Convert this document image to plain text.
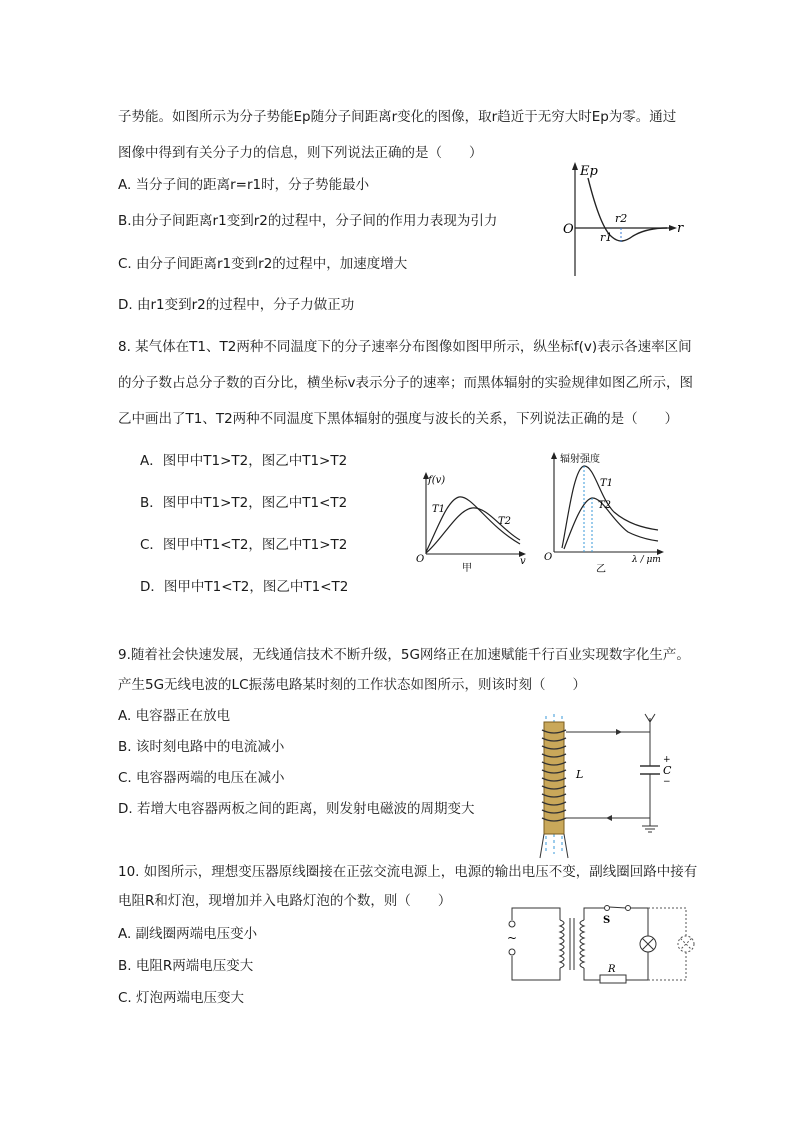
子势能。如图所示为分子势能Ep随分子间距离r变化的图像，取r趋近于无穷大时Ep为零。通过
图像中得到有关分子力的信息，则下列说法正确的是（　　）
A. 当分子间的距离r=r1时，分子势能最小
B.由分子间距离r1变到r2的过程中，分子间的作用力表现为引力
C. 由分子间距离r1变到r2的过程中，加速度增大
D. 由r1变到r2的过程中，分子力做正功
Ep
O	r
r2
r1
8. 某气体在T1、T2两种不同温度下的分子速率分布图像如图甲所示，纵坐标f(v)表示各速率区间
的分子数占总分子数的百分比，横坐标v表示分子的速率；而黑体辐射的实验规律如图乙所示，图
乙中画出了T1、T2两种不同温度下黑体辐射的强度与波长的关系，下列说法正确的是（　　）
A．图甲中T1>T2，图乙中T1>T2
B．图甲中T1>T2，图乙中T1<T2
C．图甲中T1<T2，图乙中T1>T2
D．图甲中T1<T2，图乙中T1<T2
f(v)
O	v
T1
T2
甲
辐射强度
O	λ / μm
T1
T2
乙
9.随着社会快速发展，无线通信技术不断升级，5G网络正在加速赋能千行百业实现数字化生产。
产生5G无线电波的LC振荡电路某时刻的工作状态如图所示，则该时刻（　　）
A. 电容器正在放电
B. 该时刻电路中的电流减小
C. 电容器两端的电压在减小
D. 若增大电容器两板之间的距离，则发射电磁波的周期变大
L
+
C
−
10. 如图所示，理想变压器原线圈接在正弦交流电源上，电源的输出电压不变，副线圈回路中接有
电阻R和灯泡，现增加并入电路灯泡的个数，则（　　）
A. 副线圈两端电压变小
B. 电阻R两端电压变大
C. 灯泡两端电压变大
~
S
R
